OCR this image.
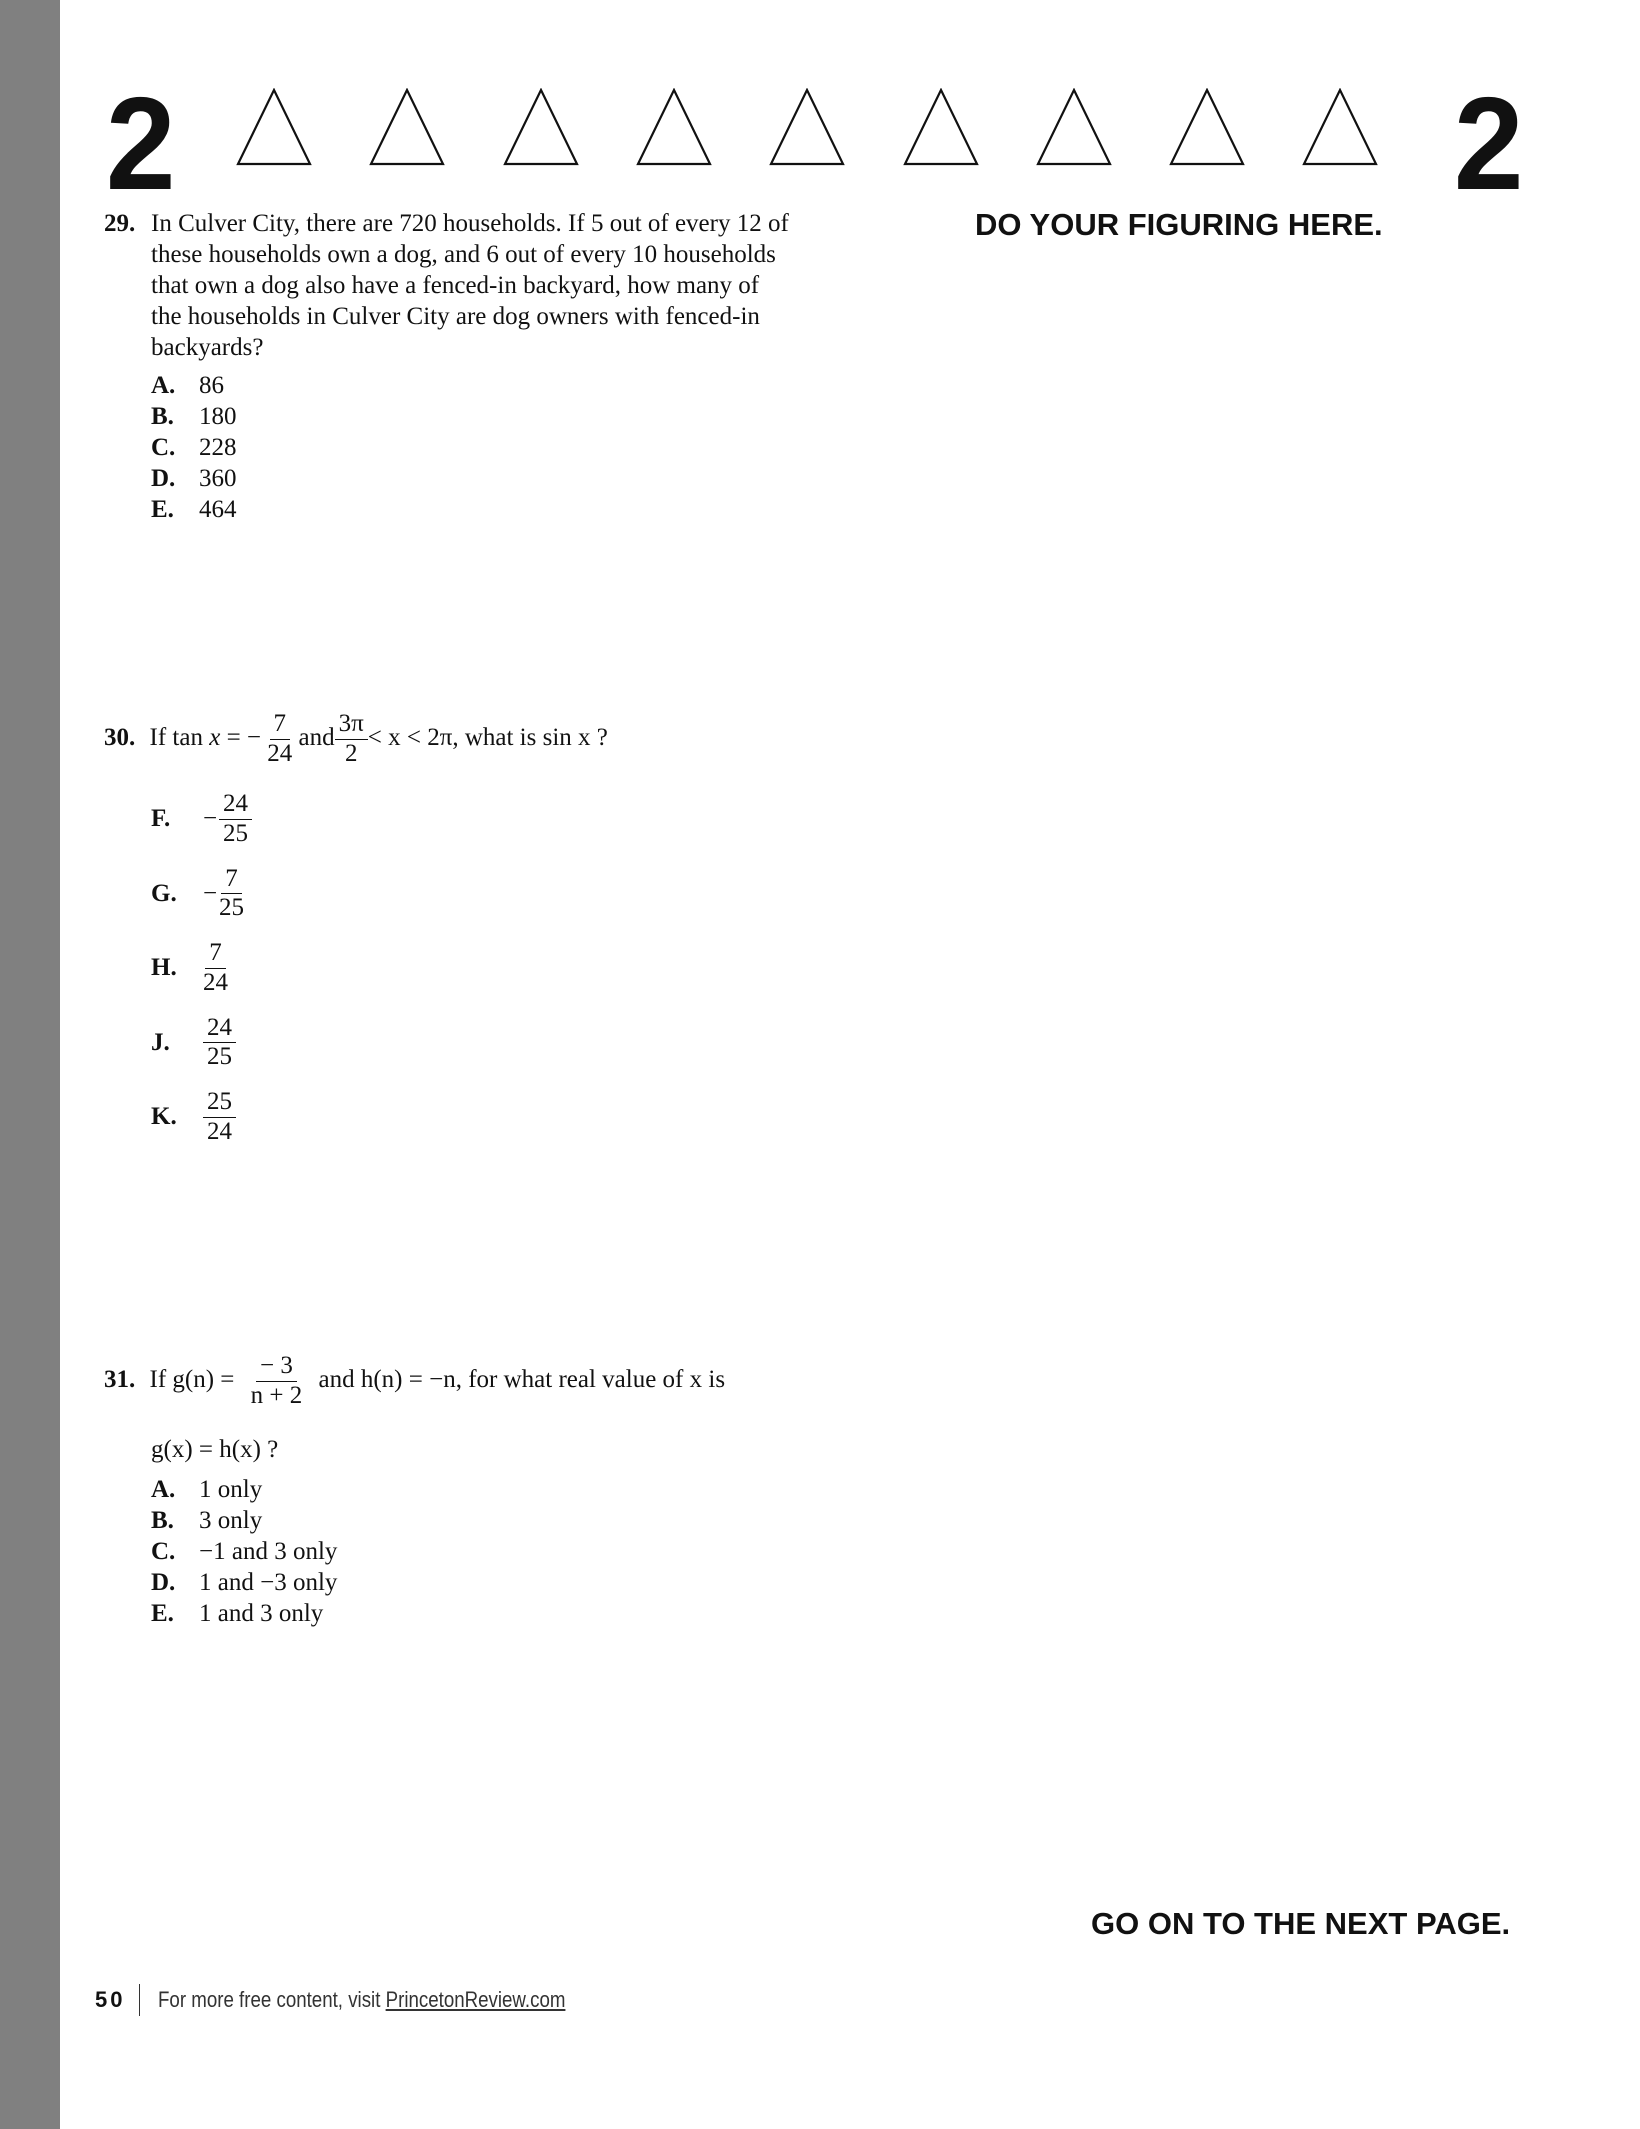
2	2
29. In Culver City, there are 720 households. If 5 out of every 12 of
these households own a dog, and 6 out of every 10 households
that own a dog also have a fenced-in backyard, how many of
the households in Culver City are dog owners with fenced-in
backyards?
A. 86
B. 180
C. 228
D. 360
E. 464
DO YOUR FIGURING HERE.
30. If tan x = − $\frac{7}{24}$ and $\frac{3\pi}{2} < x < 2\pi$, what is sin x ?
F.	− $\frac{24}{25}$
G.	− $\frac{7}{25}$
H.	$\frac{7}{24}$
J.	$\frac{24}{25}$
K.	$\frac{25}{24}$
31. If $g(n) = \frac{- 3}{n + 2}$ and h(n) = −n, for what real value of x is
g(x) = h(x) ?
A. 1 only
B. 3 only
C. −1 and 3 only
D. 1 and −3 only
E. 1 and 3 only
GO ON TO THE NEXT PAGE.
50 For more free content, visit PrincetonReview.com
